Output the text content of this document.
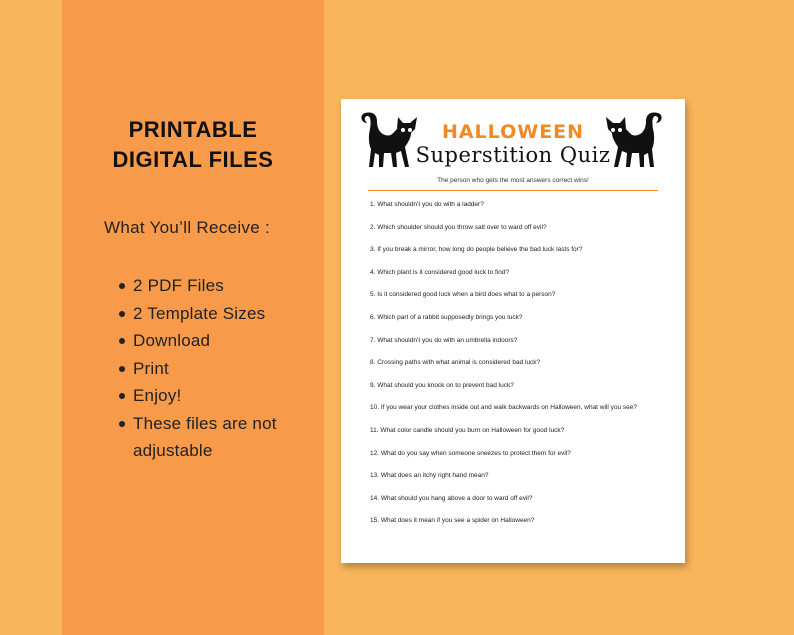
PRINTABLE
DIGITAL FILES
What You’ll Receive :
2 PDF Files
2 Template Sizes
Download
Print
Enjoy!
These files are not adjustable
HALLOWEEN
Superstition Quiz
The person who gets the most answers correct wins!
1. What shouldn’t you do with a ladder?
2. Which shoulder should you throw salt over to ward off evil?
3. If you break a mirror, how long do people believe the bad luck lasts for?
4. Which plant is it considered good luck to find?
5. Is it considered good luck when a bird does what to a person?
6. Which part of a rabbit supposedly brings you luck?
7. What shouldn’t you do with an umbrella indoors?
8. Crossing paths with what animal is considered bad luck?
9. What should you knock on to prevent bad luck?
10. If you wear your clothes inside out and walk backwards on Halloween, what will you see?
11. What color candle should you burn on Halloween for good luck?
12. What do you say when someone sneezes to protect them for evil?
13. What does an itchy right hand mean?
14. What should you hang above a door to ward off evil?
15. What does it mean if you see a spider on Halloween?
